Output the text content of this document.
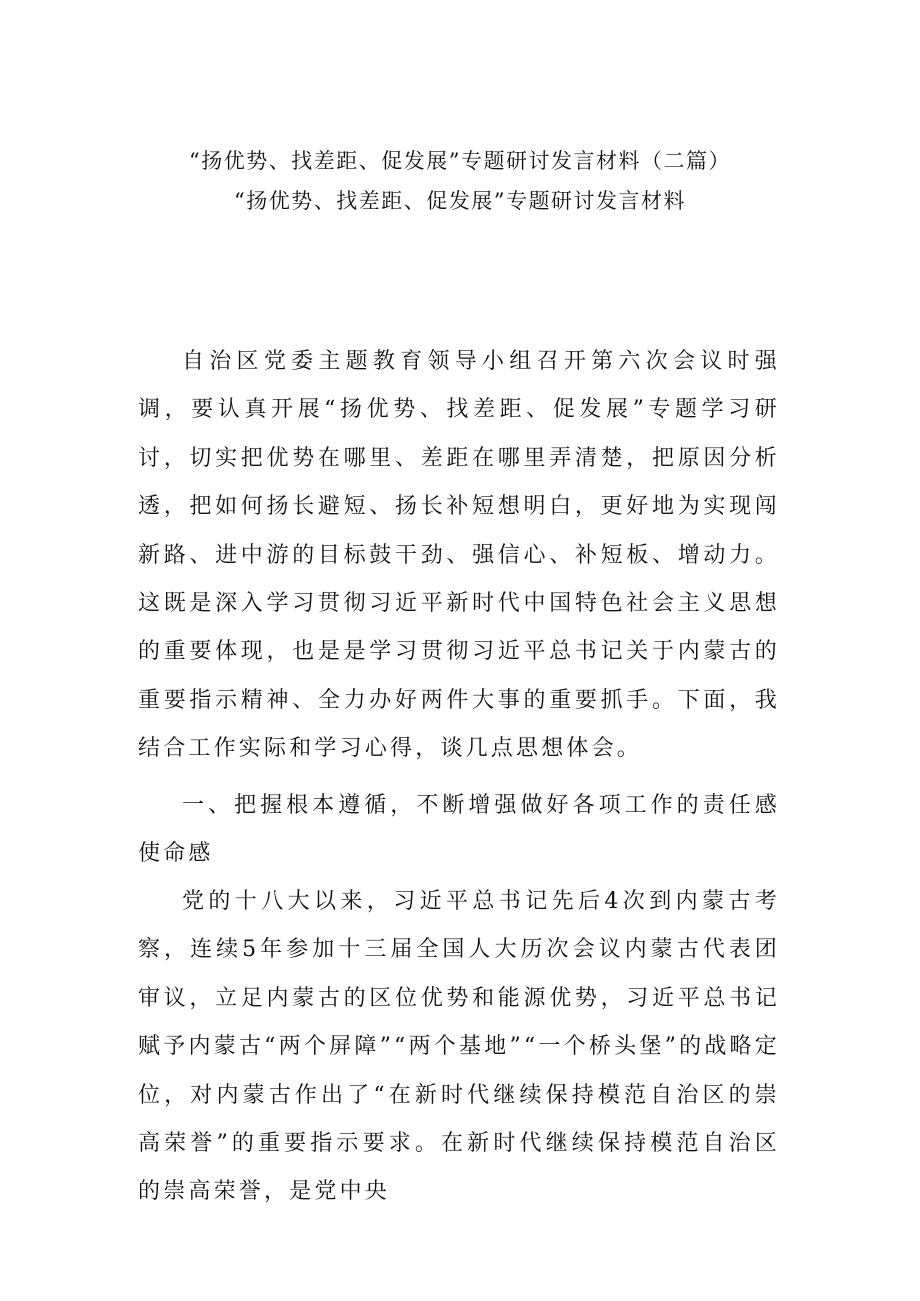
“扬优势、找差距、促发展”专题研讨发言材料（二篇）
“扬优势、找差距、促发展”专题研讨发言材料

自治区党委主题教育领导小组召开第六次会议时强调，要认真开展“扬优势、找差距、促发展”专题学习研讨，切实把优势在哪里、差距在哪里弄清楚，把原因分析透，把如何扬长避短、扬长补短想明白，更好地为实现闯新路、进中游的目标鼓干劲、强信心、补短板、增动力。这既是深入学习贯彻习近平新时代中国特色社会主义思想的重要体现，也是是学习贯彻习近平总书记关于内蒙古的重要指示精神、全力办好两件大事的重要抓手。下面，我结合工作实际和学习心得，谈几点思想体会。

一、把握根本遵循，不断增强做好各项工作的责任感使命感

党的十八大以来，习近平总书记先后4次到内蒙古考察，连续5年参加十三届全国人大历次会议内蒙古代表团审议，立足内蒙古的区位优势和能源优势，习近平总书记赋予内蒙古“两个屏障”“两个基地”“一个桥头堡”的战略定位，对内蒙古作出了“在新时代继续保持模范自治区的崇高荣誉”的重要指示要求。在新时代继续保持模范自治区的崇高荣誉，是党中央
